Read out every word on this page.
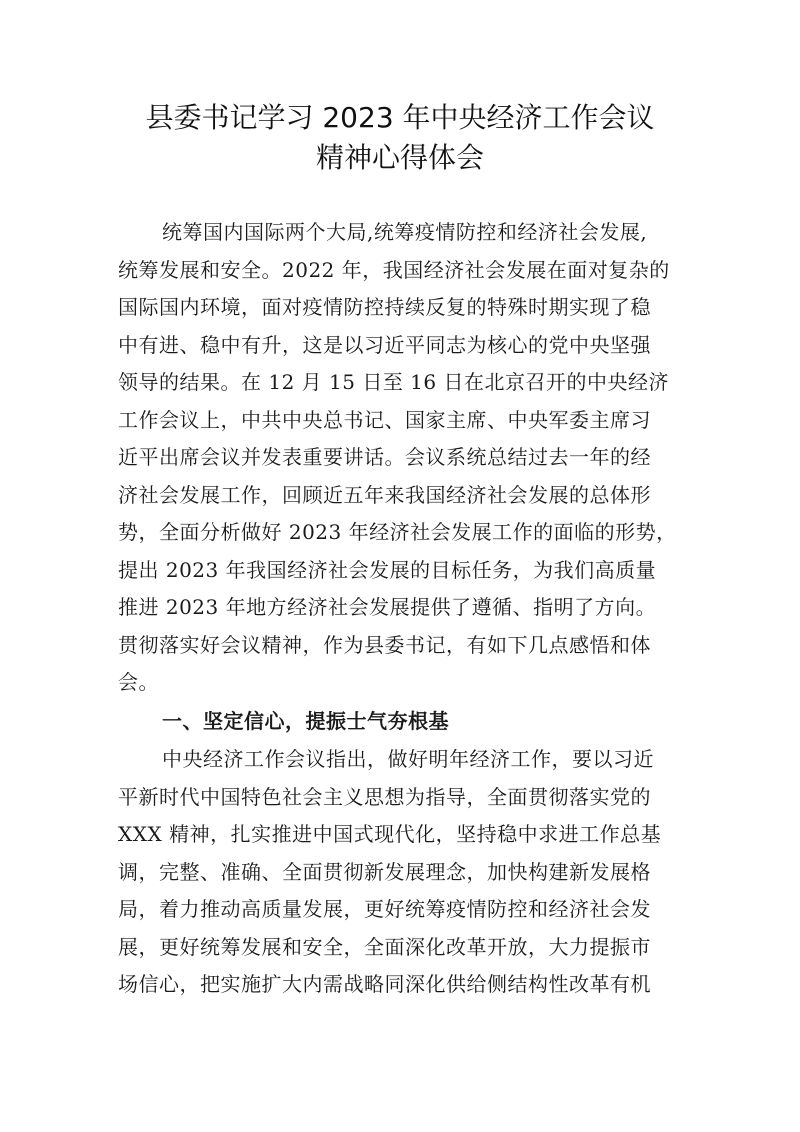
县委书记学习 2023 年中央经济工作会议
精神心得体会
统筹国内国际两个大局,统筹疫情防控和经济社会发展,
统筹发展和安全。2022 年，我国经济社会发展在面对复杂的
国际国内环境，面对疫情防控持续反复的特殊时期实现了稳
中有进、稳中有升，这是以习近平同志为核心的党中央坚强
领导的结果。在 12 月 15 日至 16 日在北京召开的中央经济
工作会议上，中共中央总书记、国家主席、中央军委主席习
近平出席会议并发表重要讲话。会议系统总结过去一年的经
济社会发展工作，回顾近五年来我国经济社会发展的总体形
势，全面分析做好 2023 年经济社会发展工作的面临的形势，
提出 2023 年我国经济社会发展的目标任务，为我们高质量
推进 2023 年地方经济社会发展提供了遵循、指明了方向。
贯彻落实好会议精神，作为县委书记，有如下几点感悟和体
会。
一、坚定信心，提振士气夯根基
中央经济工作会议指出，做好明年经济工作，要以习近
平新时代中国特色社会主义思想为指导，全面贯彻落实党的
XXX 精神，扎实推进中国式现代化，坚持稳中求进工作总基
调，完整、准确、全面贯彻新发展理念，加快构建新发展格
局，着力推动高质量发展，更好统筹疫情防控和经济社会发
展，更好统筹发展和安全，全面深化改革开放，大力提振市
场信心，把实施扩大内需战略同深化供给侧结构性改革有机
